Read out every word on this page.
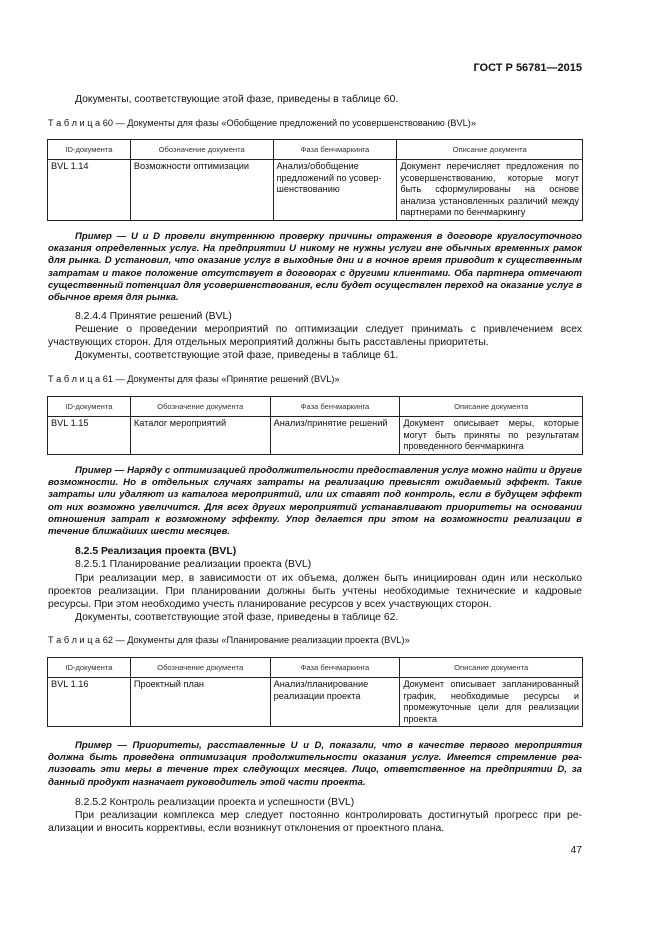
ГОСТ Р 56781—2015

Документы, соответствующие этой фазе, приведены в таблице 60.

Т а б л и ц а 60 — Документы для фазы «Обобщение предложений по усовершенствованию (BVL)»
ID-документа	Обозначение документа	Фаза бенчмаркинга	Описание документа
BVL 1.14	Возможности оптимизации	Анализ/обобщение предложений по усовершенствованию	Документ перечисляет предложения по усовершенствованию, которые могут быть сформулированы на основе анализа установленных различий между партнерами по бенчмаркингу

Пример — U и D провели внутреннюю проверку причины отражения в договоре круглосуточного оказания определенных услуг. На предприятии U никому не нужны услуги вне обычных временных рамок для рынка. D установил, что оказание услуг в выходные дни и в ночное время приводит к существенным затратам и такое положение отсутствует в договорах с другими клиентами. Оба партнера отмечают существенный потенциал для усовершенствования, если будет осуществлен переход на оказание услуг в обычное время для рынка.

8.2.4.4 Принятие решений (BVL)

Решение о проведении мероприятий по оптимизации следует принимать с привлечением всех участвующих сторон. Для отдельных мероприятий должны быть расставлены приоритеты.

Документы, соответствующие этой фазе, приведены в таблице 61.

Т а б л и ц а 61 — Документы для фазы «Принятие решений (BVL)»
ID-документа	Обозначение документа	Фаза бенчмаркинга	Описание документа
BVL 1.15	Каталог мероприятий	Анализ/принятие решений	Документ описывает меры, которые могут быть приняты по результатам проведенного бенчмаркинга

Пример — Наряду с оптимизацией продолжительности предоставления услуг можно найти и другие возможности. Но в отдельных случаях затраты на реализацию превысят ожидаемый эффект. Такие затраты или удаляют из каталога мероприятий, или их ставят под контроль, если в будущем эффект от них возможно увеличится. Для всех других мероприятий устанавливают приоритеты на основании отношения затрат к возможному эффекту. Упор делается при этом на возможности реализации в течение ближайших шести месяцев.

8.2.5 Реализация проекта (BVL)

8.2.5.1 Планирование реализации проекта (BVL)

При реализации мер, в зависимости от их объема, должен быть инициирован один или несколько проектов реализации. При планировании должны быть учтены необходимые технические и кадровые ресурсы. При этом необходимо учесть планирование ресурсов у всех участвующих сторон.

Документы, соответствующие этой фазе, приведены в таблице 62.

Т а б л и ц а 62 — Документы для фазы «Планирование реализации проекта (BVL)»
ID-документа	Обозначение документа	Фаза бенчмаркинга	Описание документа
BVL 1.16	Проектный план	Анализ/планирование реализации проекта	Документ описывает запланированный график, необходимые ресурсы и промежуточные цели для реализации проекта

Пример — Приоритеты, расставленные U и D, показали, что в качестве первого мероприятия должна быть проведена оптимизация продолжительности оказания услуг. Имеется стремление реализовать эти меры в течение трех следующих месяцев. Лицо, ответственное на предприятии D, за данный продукт назначает руководитель этой части проекта.

8.2.5.2 Контроль реализации проекта и успешности (BVL)

При реализации комплекса мер следует постоянно контролировать достигнутый прогресс при реализации и вносить коррективы, если возникнут отклонения от проектного плана.

47
